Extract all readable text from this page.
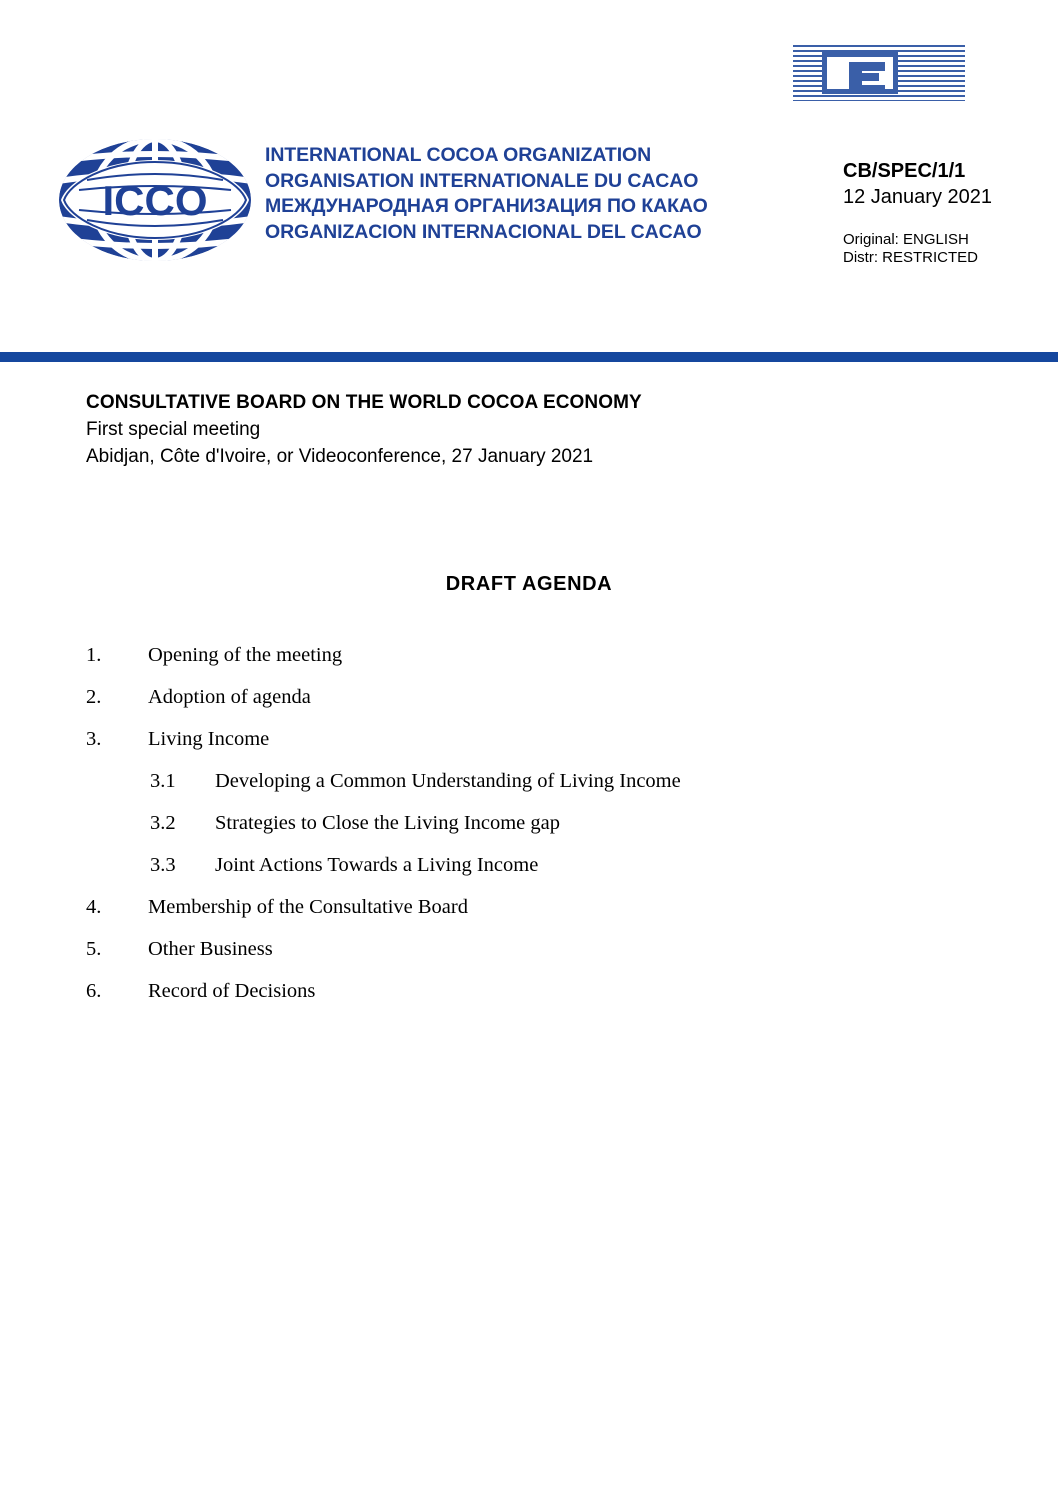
ICCO
INTERNATIONAL COCOA ORGANIZATION
ORGANISATION INTERNATIONALE DU CACAO
МЕЖДУНАРОДНАЯ ОРГАНИЗАЦИЯ ПО КАКАО
ORGANIZACION INTERNACIONAL DEL CACAO
CB/SPEC/1/1
12 January 2021
Original: ENGLISH
Distr: RESTRICTED
CONSULTATIVE BOARD ON THE WORLD COCOA ECONOMY
First special meeting
Abidjan, Côte d'Ivoire, or Videoconference, 27 January 2021
DRAFT AGENDA
1.	Opening of the meeting
2.	Adoption of agenda
3.	Living Income
3.1	Developing a Common Understanding of Living Income
3.2	Strategies to Close the Living Income gap
3.3	Joint Actions Towards a Living Income
4.	Membership of the Consultative Board
5.	Other Business
6.	Record of Decisions
